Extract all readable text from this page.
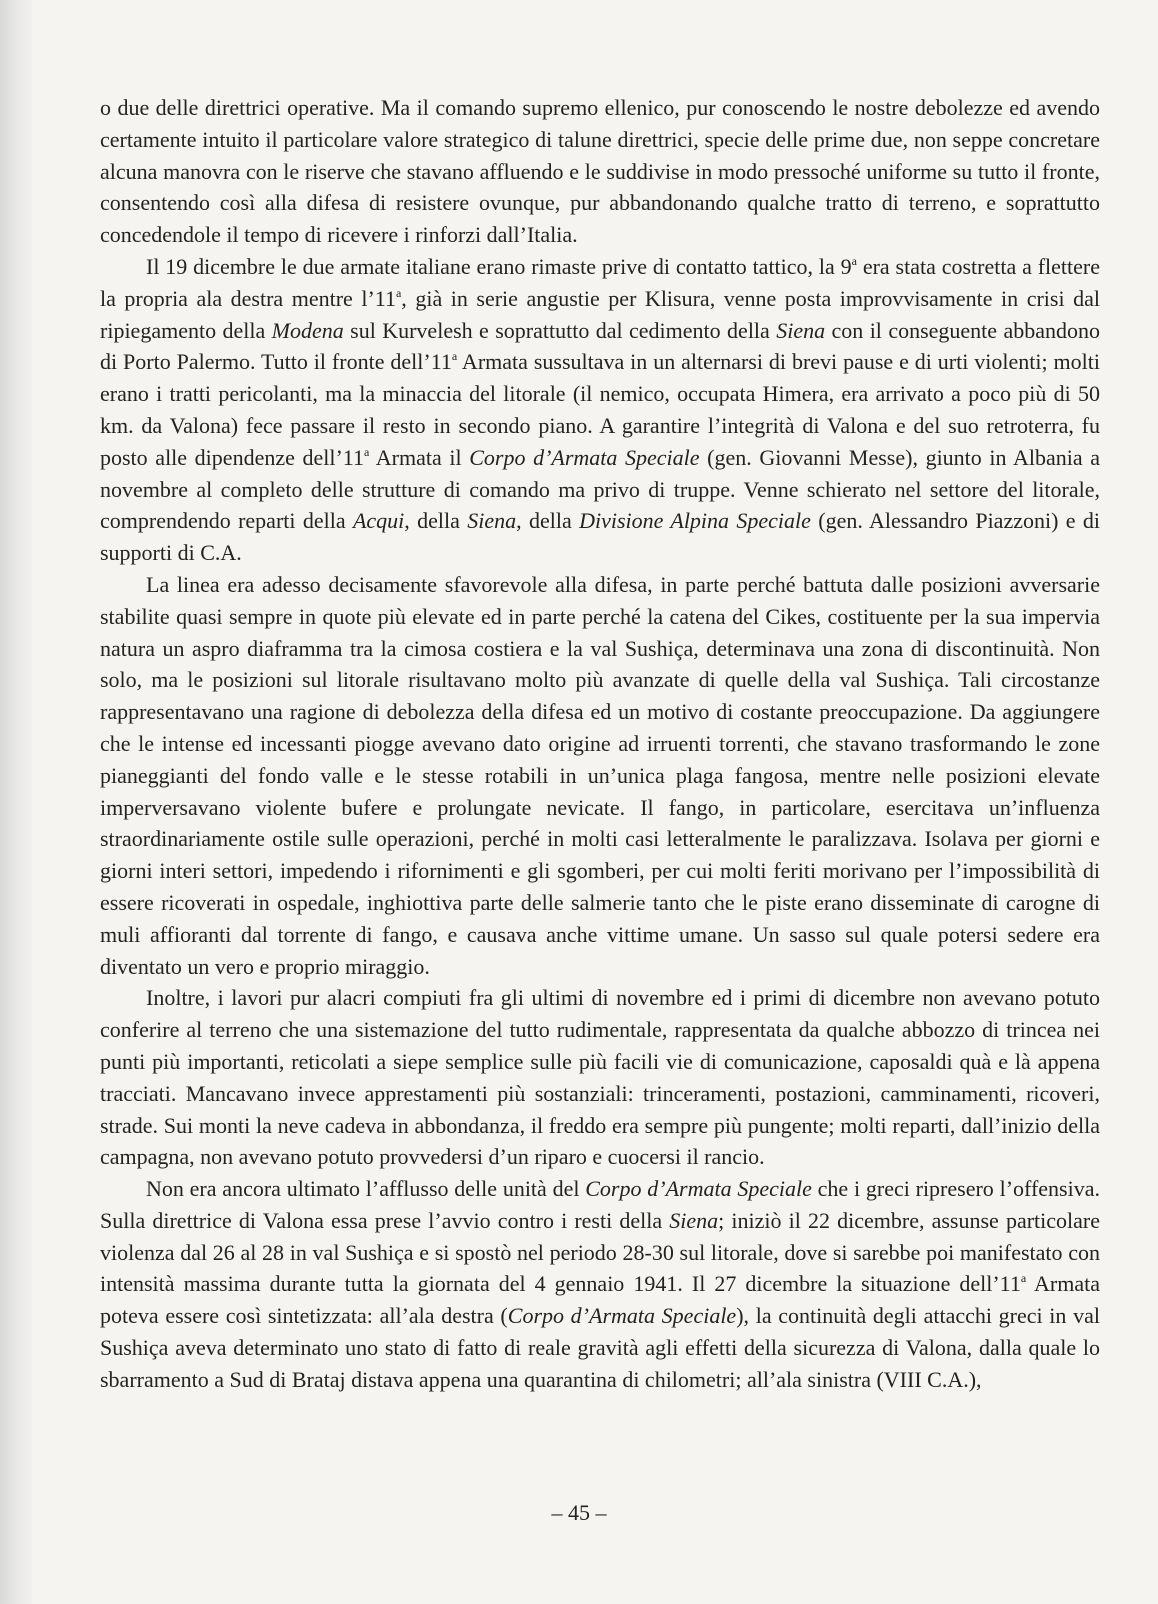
o due delle direttrici operative. Ma il comando supremo ellenico, pur conoscendo le nostre debolezze ed avendo certamente intuito il particolare valore strategico di talune direttrici, specie delle prime due, non seppe concretare alcuna manovra con le riserve che stavano affluendo e le suddivise in modo pressoché uniforme su tutto il fronte, consentendo così alla difesa di resistere ovunque, pur abbandonando qualche tratto di terreno, e soprattutto concedendole il tempo di ricevere i rinforzi dall’Italia.

Il 19 dicembre le due armate italiane erano rimaste prive di contatto tattico, la 9$^a$ era stata costretta a flettere la propria ala destra mentre l’11$^a$, già in serie angustie per Klisura, venne posta improvvisamente in crisi dal ripiegamento della Modena sul Kurvelesh e soprattutto dal cedimento della Siena con il conseguente abbandono di Porto Palermo. Tutto il fronte dell’11$^a$ Armata sussultava in un alternarsi di brevi pause e di urti violenti; molti erano i tratti pericolanti, ma la minaccia del litorale (il nemico, occupata Himera, era arrivato a poco più di 50 km. da Valona) fece passare il resto in secondo piano. A garantire l’integrità di Valona e del suo retroterra, fu posto alle dipendenze dell’11$^a$ Armata il Corpo d’Armata Speciale (gen. Giovanni Messe), giunto in Albania a novembre al completo delle strutture di comando ma privo di truppe. Venne schierato nel settore del litorale, comprendendo reparti della Acqui, della Siena, della Divisione Alpina Speciale (gen. Alessandro Piazzoni) e di supporti di C.A.

La linea era adesso decisamente sfavorevole alla difesa, in parte perché battuta dalle posizioni avversarie stabilite quasi sempre in quote più elevate ed in parte perché la catena del Cikes, costituente per la sua impervia natura un aspro diaframma tra la cimosa costiera e la val Sushiça, determinava una zona di discontinuità. Non solo, ma le posizioni sul litorale risultavano molto più avanzate di quelle della val Sushiça. Tali circostanze rappresentavano una ragione di debolezza della difesa ed un motivo di costante preoccupazione. Da aggiungere che le intense ed incessanti piogge avevano dato origine ad irruenti torrenti, che stavano trasformando le zone pianeggianti del fondo valle e le stesse rotabili in un’unica plaga fangosa, mentre nelle posizioni elevate imperversavano violente bufere e prolungate nevicate. Il fango, in particolare, esercitava un’influenza straordinariamente ostile sulle operazioni, perché in molti casi letteralmente le paralizzava. Isolava per giorni e giorni interi settori, impedendo i rifornimenti e gli sgomberi, per cui molti feriti morivano per l’impossibilità di essere ricoverati in ospedale, inghiottiva parte delle salmerie tanto che le piste erano disseminate di carogne di muli affioranti dal torrente di fango, e causava anche vittime umane. Un sasso sul quale potersi sedere era diventato un vero e proprio miraggio.

Inoltre, i lavori pur alacri compiuti fra gli ultimi di novembre ed i primi di dicembre non avevano potuto conferire al terreno che una sistemazione del tutto rudimentale, rappresentata da qualche abbozzo di trincea nei punti più importanti, reticolati a siepe semplice sulle più facili vie di comunicazione, caposaldi quà e là appena tracciati. Mancavano invece apprestamenti più sostanziali: trinceramenti, postazioni, camminamenti, ricoveri, strade. Sui monti la neve cadeva in abbondanza, il freddo era sempre più pungente; molti reparti, dall’inizio della campagna, non avevano potuto provvedersi d’un riparo e cuocersi il rancio.

Non era ancora ultimato l’afflusso delle unità del Corpo d’Armata Speciale che i greci ripresero l’offensiva. Sulla direttrice di Valona essa prese l’avvio contro i resti della Siena; iniziò il 22 dicembre, assunse particolare violenza dal 26 al 28 in val Sushiça e si spostò nel periodo 28-30 sul litorale, dove si sarebbe poi manifestato con intensità massima durante tutta la giornata del 4 gennaio 1941. Il 27 dicembre la situazione dell’11$^a$ Armata poteva essere così sintetizzata: all’ala destra (Corpo d’Armata Speciale), la continuità degli attacchi greci in val Sushiça aveva determinato uno stato di fatto di reale gravità agli effetti della sicurezza di Valona, dalla quale lo sbarramento a Sud di Brataj distava appena una quarantina di chilometri; all’ala sinistra (VIII C.A.),

– 45 –
